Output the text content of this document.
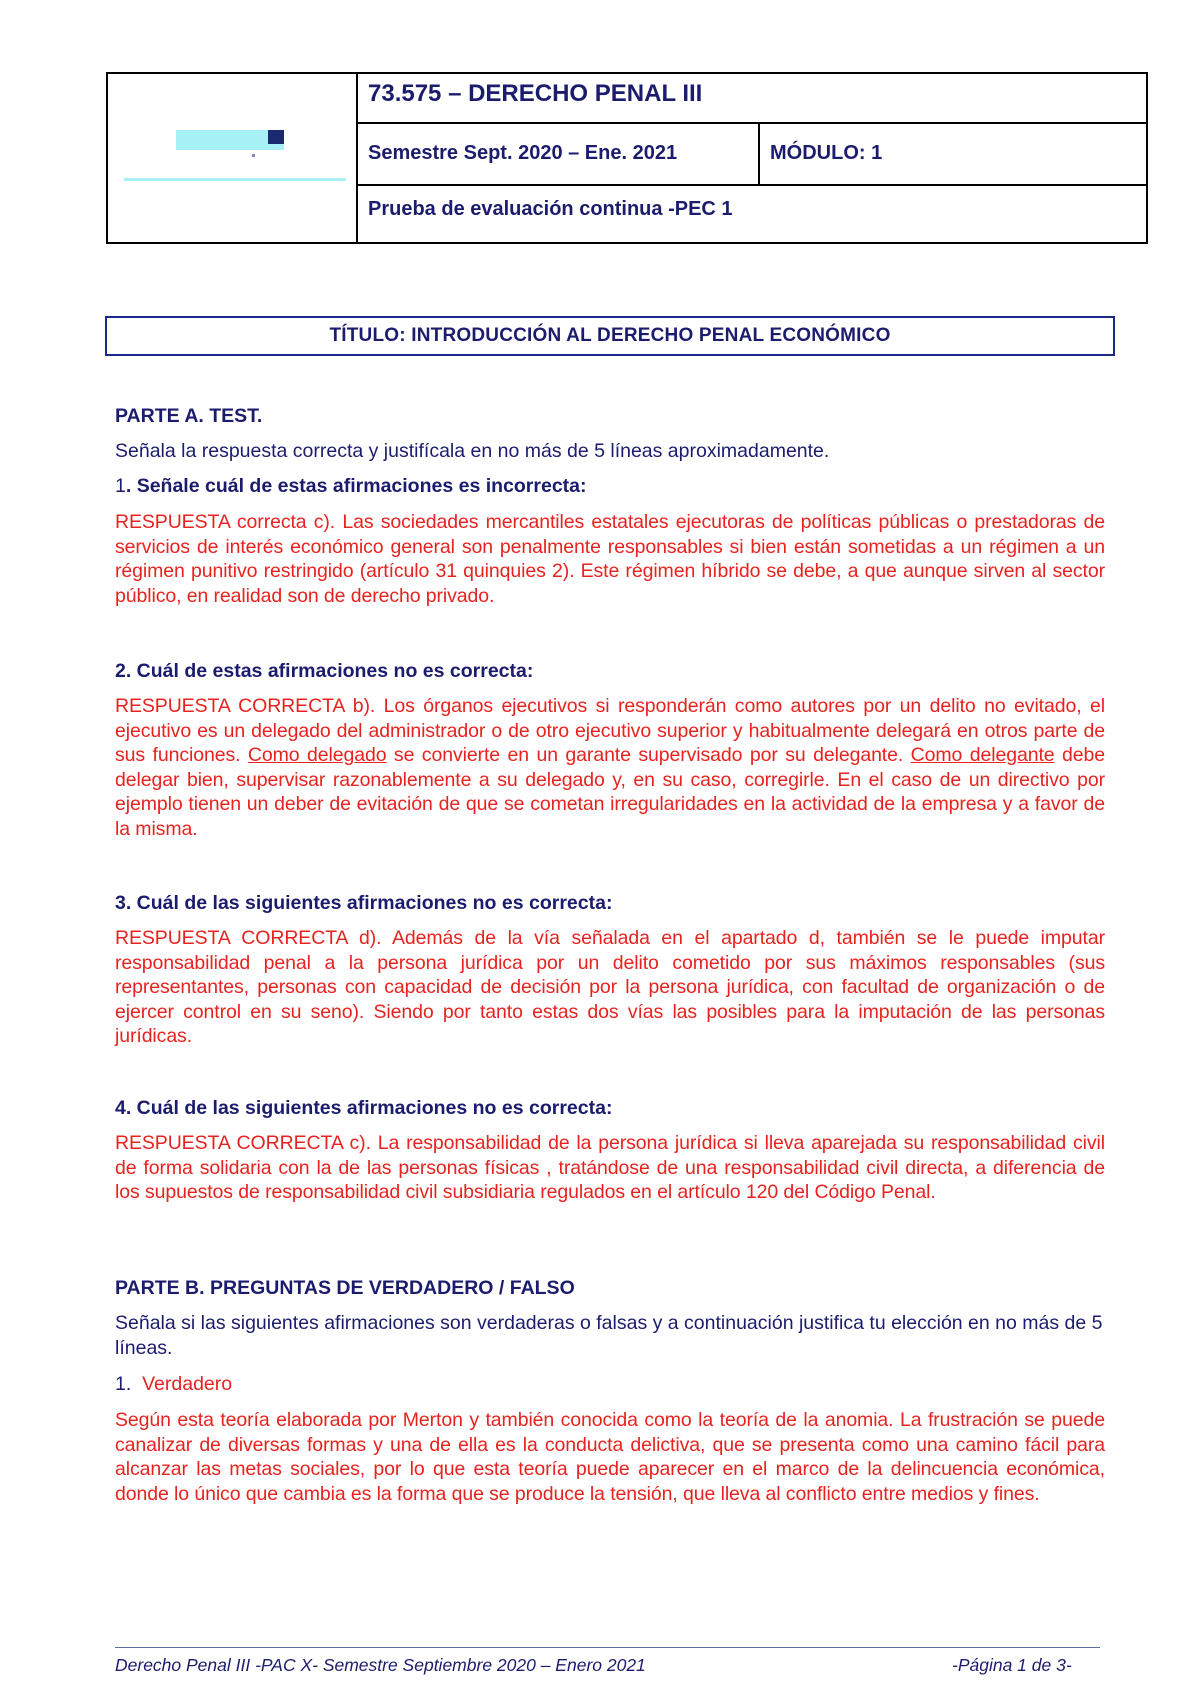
73.575 – DERECHO PENAL III
Semestre Sept. 2020 – Ene. 2021	MÓDULO: 1
Prueba de evaluación continua -PEC 1
TÍTULO: INTRODUCCIÓN AL DERECHO PENAL ECONÓMICO
PARTE A. TEST.
Señala la respuesta correcta y justifícala en no más de 5 líneas aproximadamente.
1. Señale cuál de estas afirmaciones es incorrecta:
RESPUESTA correcta c). Las sociedades mercantiles estatales ejecutoras de políticas públicas o prestadoras de servicios de interés económico general son penalmente responsables si bien están sometidas a un régimen a un régimen punitivo restringido (artículo 31 quinquies 2). Este régimen híbrido se debe, a que aunque sirven al sector público, en realidad son de derecho privado.
2. Cuál de estas afirmaciones no es correcta:
RESPUESTA CORRECTA b). Los órganos ejecutivos si responderán como autores por un delito no evitado, el ejecutivo es un delegado del administrador o de otro ejecutivo superior y habitualmente delegará en otros parte de sus funciones. Como delegado se convierte en un garante supervisado por su delegante. Como delegante debe delegar bien, supervisar razonablemente a su delegado y, en su caso, corregirle. En el caso de un directivo por ejemplo tienen un deber de evitación de que se cometan irregularidades en la actividad de la empresa y a favor de la misma.
3. Cuál de las siguientes afirmaciones no es correcta:
RESPUESTA CORRECTA d). Además de la vía señalada en el apartado d, también se le puede imputar responsabilidad penal a la persona jurídica por un delito cometido por sus máximos responsables (sus representantes, personas con capacidad de decisión por la persona jurídica, con facultad de organización o de ejercer control en su seno). Siendo por tanto estas dos vías las posibles para la imputación de las personas jurídicas.
4. Cuál de las siguientes afirmaciones no es correcta:
RESPUESTA CORRECTA c). La responsabilidad de la persona jurídica si lleva aparejada su responsabilidad civil de forma solidaria con la de las personas físicas , tratándose de una responsabilidad civil directa, a diferencia de los supuestos de responsabilidad civil subsidiaria regulados en el artículo 120 del Código Penal.
PARTE B. PREGUNTAS DE VERDADERO / FALSO
Señala si las siguientes afirmaciones son verdaderas o falsas y a continuación justifica tu elección en no más de 5 líneas.
1. Verdadero
Según esta teoría elaborada por Merton y también conocida como la teoría de la anomia. La frustración se puede canalizar de diversas formas y una de ella es la conducta delictiva, que se presenta como una camino fácil para alcanzar las metas sociales, por lo que esta teoría puede aparecer en el marco de la delincuencia económica, donde lo único que cambia es la forma que se produce la tensión, que lleva al conflicto entre medios y fines.
Derecho Penal III -PAC X- Semestre Septiembre 2020 – Enero 2021	-Página 1 de 3-
